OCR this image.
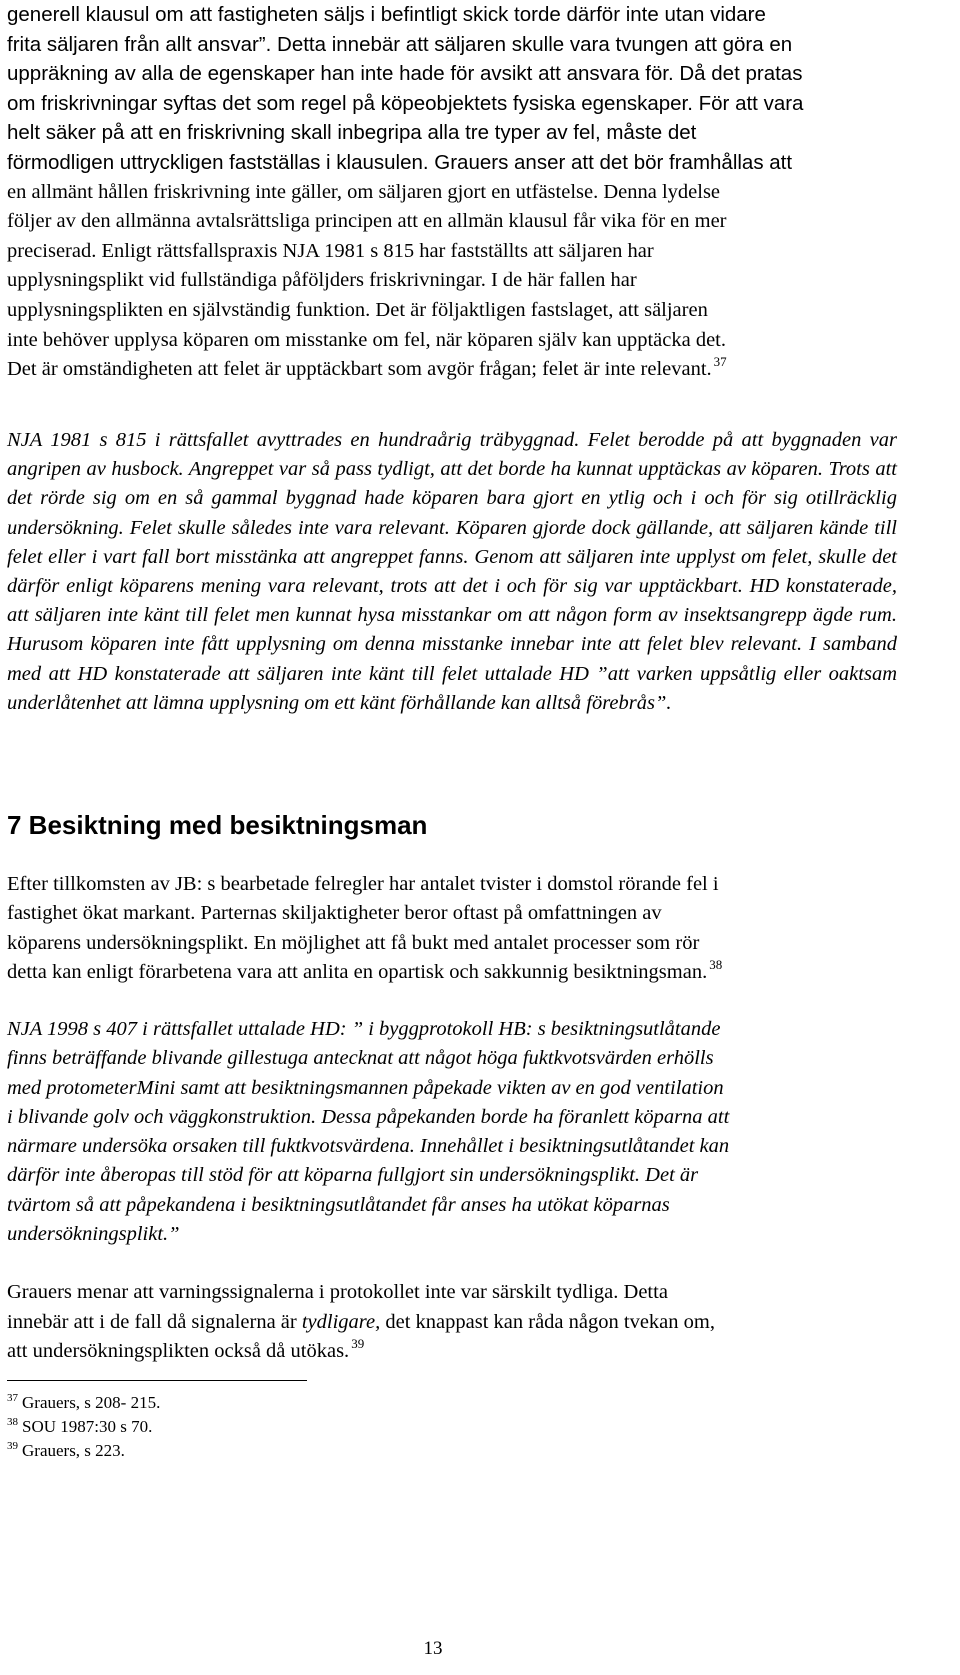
generell klausul om att fastigheten säljs i befintligt skick torde därför inte utan vidare
frita säljaren från allt ansvar”. Detta innebär att säljaren skulle vara tvungen att göra en
uppräkning av alla de egenskaper han inte hade för avsikt att ansvara för. Då det pratas
om friskrivningar syftas det som regel på köpeobjektets fysiska egenskaper. För att vara
helt säker på att en friskrivning skall inbegripa alla tre typer av fel, måste det
förmodligen uttryckligen fastställas i klausulen. Grauers anser att det bör framhållas att
en allmänt hållen friskrivning inte gäller, om säljaren gjort en utfästelse. Denna lydelse
följer av den allmänna avtalsrättsliga principen att en allmän klausul får vika för en mer
preciserad. Enligt rättsfallspraxis NJA 1981 s 815 har fastställts att säljaren har
upplysningsplikt vid fullständiga påföljders friskrivningar. I de här fallen har
upplysningsplikten en självständig funktion. Det är följaktligen fastslaget, att säljaren
inte behöver upplysa köparen om misstanke om fel, när köparen själv kan upptäcka det.
Det är omständigheten att felet är upptäckbart som avgör frågan; felet är inte relevant. $^{37}$

NJA 1981 s 815 i rättsfallet avyttrades en hundraårig träbyggnad. Felet berodde på att byggnaden var angripen av husbock. Angreppet var så pass tydligt, att det borde ha kunnat upptäckas av köparen. Trots att det rörde sig om en så gammal byggnad hade köparen bara gjort en ytlig och i och för sig otillräcklig undersökning. Felet skulle således inte vara relevant. Köparen gjorde dock gällande, att säljaren kände till felet eller i vart fall bort misstänka att angreppet fanns. Genom att säljaren inte upplyst om felet, skulle det därför enligt köparens mening vara relevant, trots att det i och för sig var upptäckbart. HD konstaterade, att säljaren inte känt till felet men kunnat hysa misstankar om att någon form av insektsangrepp ägde rum. Hurusom köparen inte fått upplysning om denna misstanke innebar inte att felet blev relevant. I samband med att HD konstaterade att säljaren inte känt till felet uttalade HD ”att varken uppsåtlig eller oaktsam underlåtenhet att lämna upplysning om ett känt förhållande kan alltså förebrås”.

7 Besiktning med besiktningsman
Efter tillkomsten av JB: s bearbetade felregler har antalet tvister i domstol rörande fel i
fastighet ökat markant. Parternas skiljaktigheter beror oftast på omfattningen av
köparens undersökningsplikt. En möjlighet att få bukt med antalet processer som rör
detta kan enligt förarbetena vara att anlita en opartisk och sakkunnig besiktningsman. $^{38}$
NJA 1998 s 407 i rättsfallet uttalade HD: ” i byggprotokoll HB: s besiktningsutlåtande
finns beträffande blivande gillestuga antecknat att något höga fuktkvotsvärden erhölls
med protometerMini samt att besiktningsmannen påpekade vikten av en god ventilation
i blivande golv och väggkonstruktion. Dessa påpekanden borde ha föranlett köparna att
närmare undersöka orsaken till fuktkvotsvärdena. Innehållet i besiktningsutlåtandet kan
därför inte åberopas till stöd för att köparna fullgjort sin undersökningsplikt. Det är
tvärtom så att påpekandena i besiktningsutlåtandet får anses ha utökat köparnas
undersökningsplikt.”
Grauers menar att varningssignalerna i protokollet inte var särskilt tydliga. Detta
innebär att i de fall då signalerna är tydligare, det knappast kan råda någon tvekan om,
att undersökningsplikten också då utökas. $^{39}$
$^{37}$ Grauers, s 208- 215.
$^{38}$ SOU 1987:30 s 70.
$^{39}$ Grauers, s 223.
13
